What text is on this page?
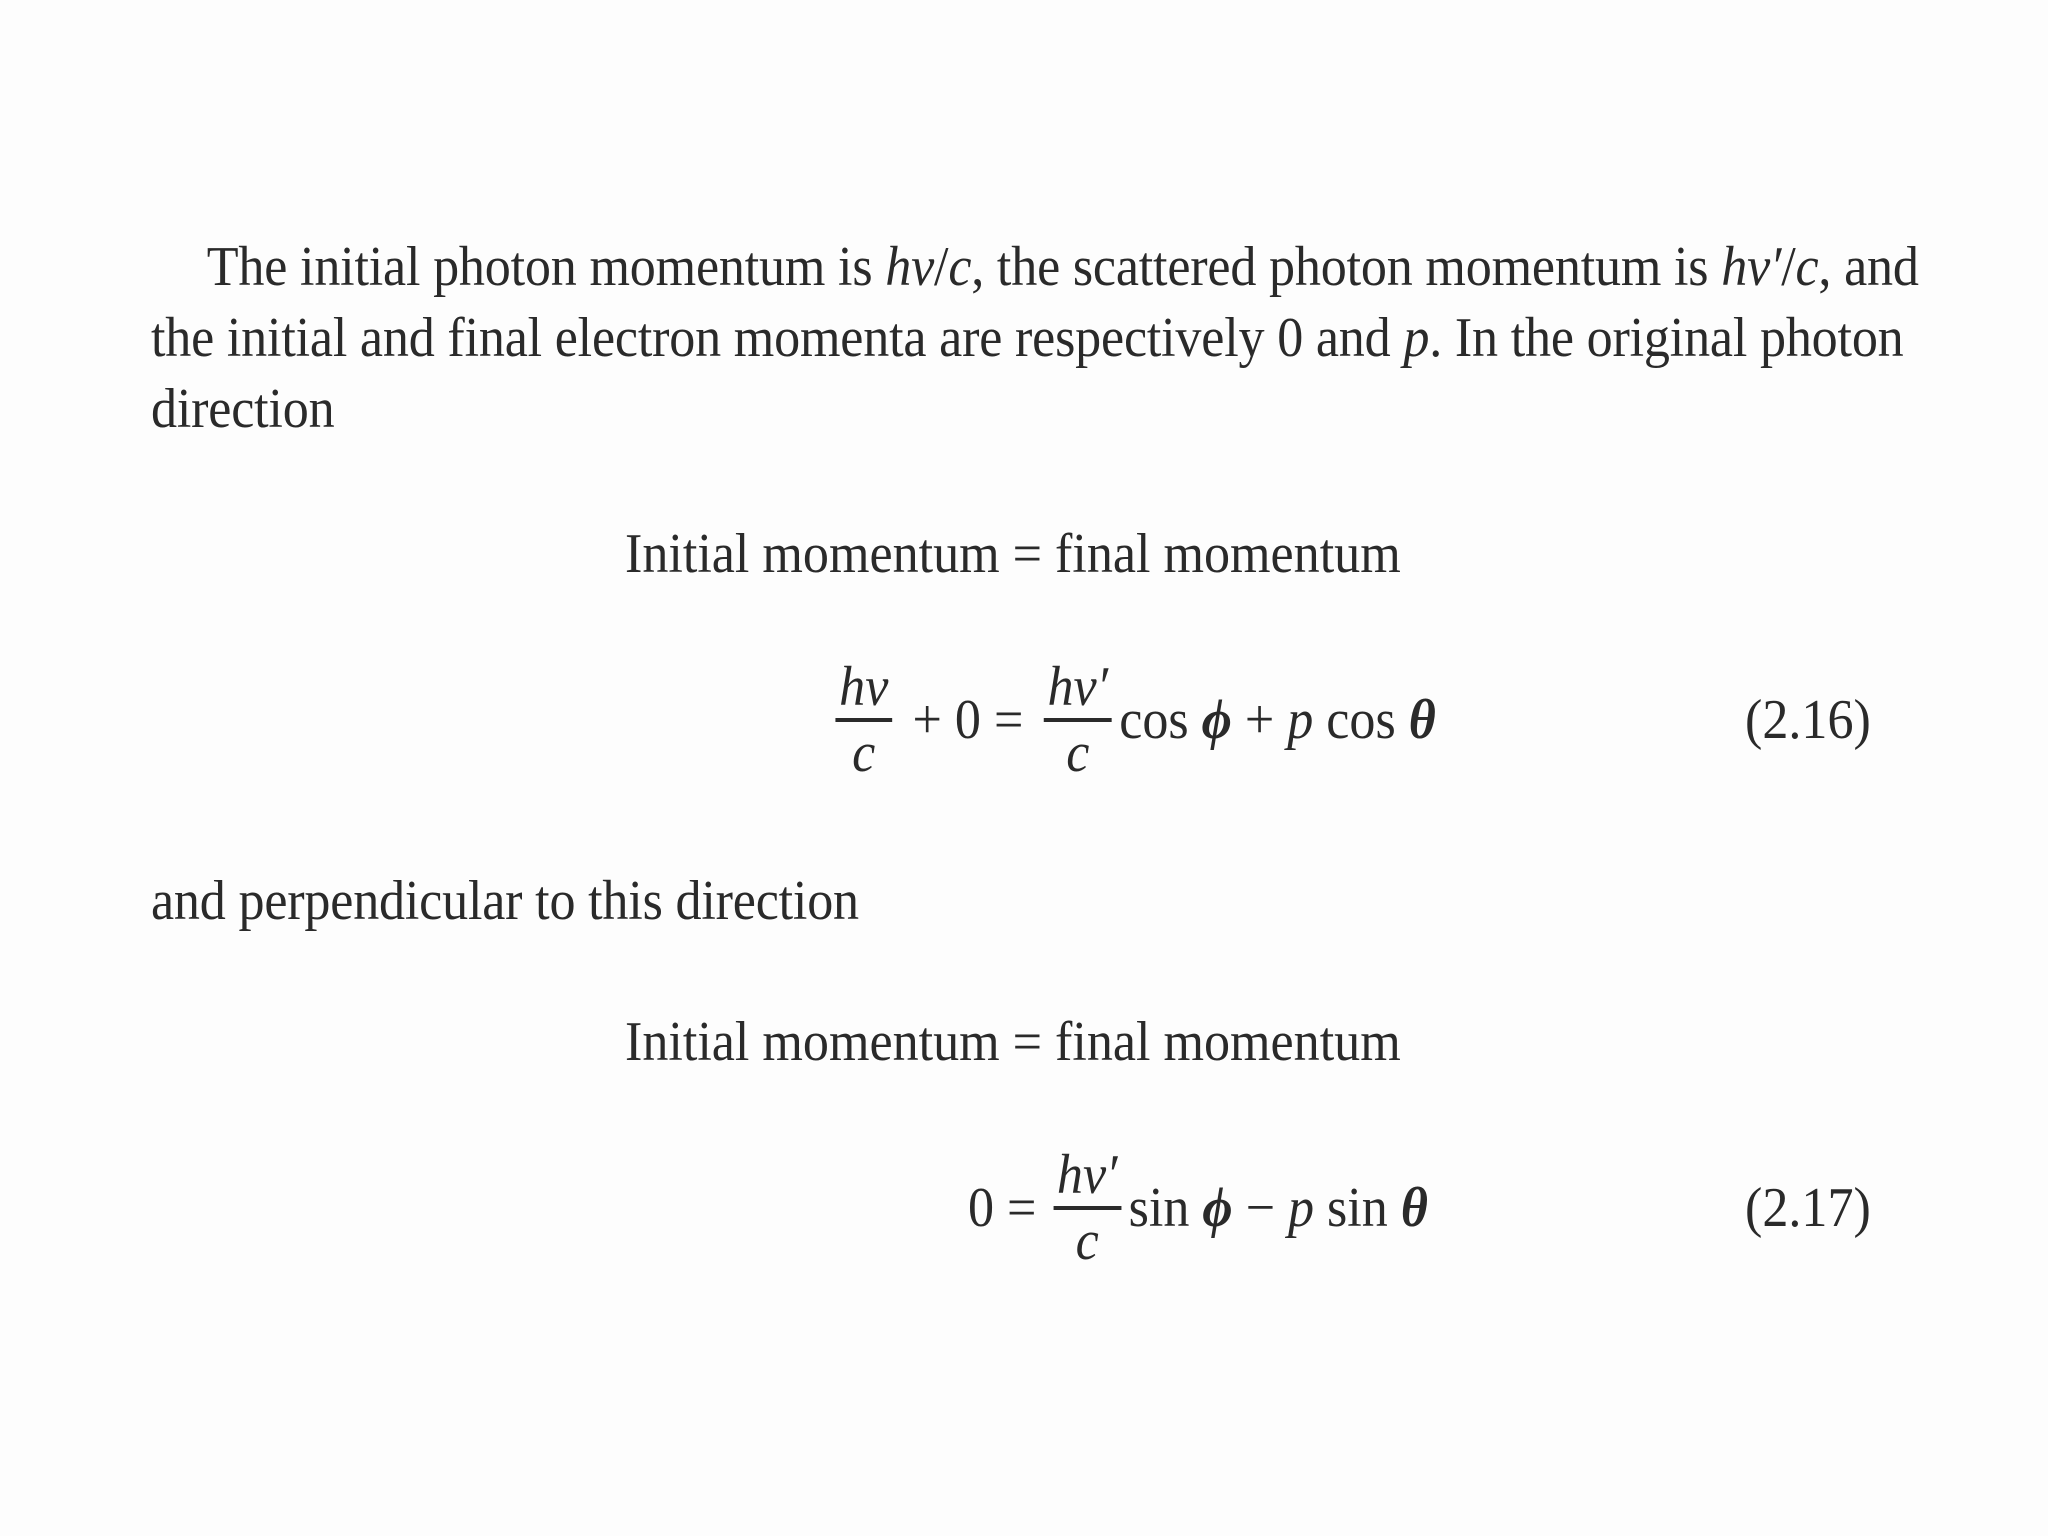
The initial photon momentum is hν/c, the scattered photon momentum is hν′/c, and
the initial and final electron momenta are respectively 0 and p. In the original photon
direction
Initial momentum = final momentum
$\frac{h\nu}{c} + 0 = \frac{h\nu'}{c}$ cos ϕ + p cos θ	(2.16)
and perpendicular to this direction
Initial momentum = final momentum
$0 = \frac{h\nu'}{c}$ sin ϕ − p sin θ	(2.17)
